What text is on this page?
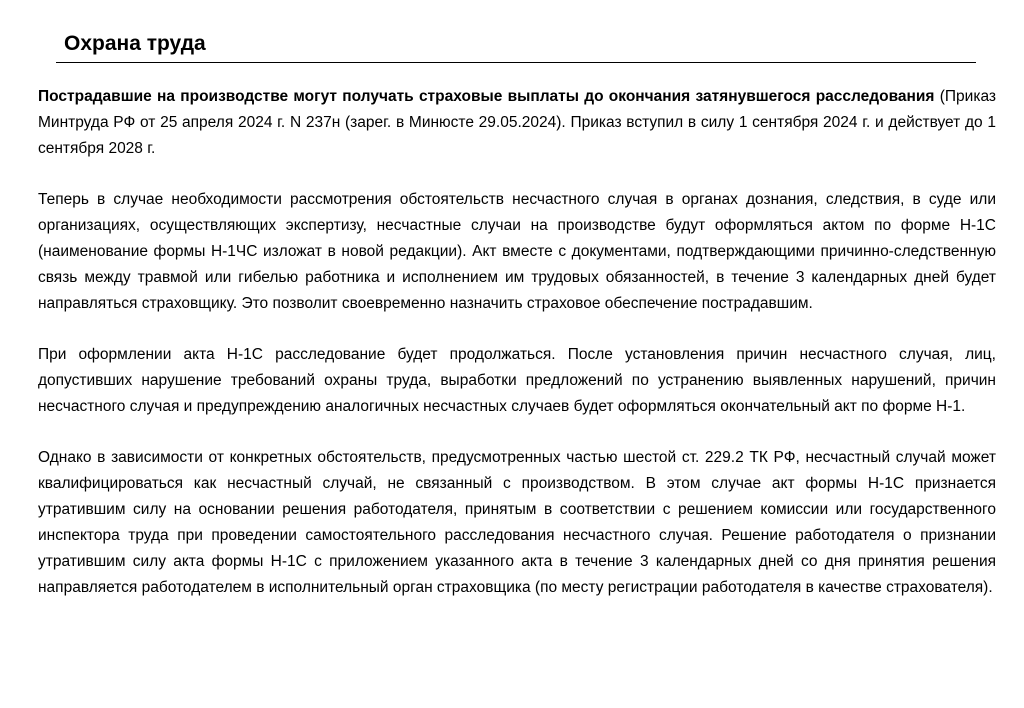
Охрана труда

Пострадавшие на производстве могут получать страховые выплаты до окончания затянувшегося расследования (Приказ Минтруда РФ от 25 апреля 2024 г. N 237н (зарег. в Минюсте 29.05.2024). Приказ вступил в силу 1 сентября 2024 г. и действует до 1 сентября 2028 г.

Теперь в случае необходимости рассмотрения обстоятельств несчастного случая в органах дознания, следствия, в суде или организациях, осуществляющих экспертизу, несчастные случаи на производстве будут оформляться актом по форме Н-1С (наименование формы Н-1ЧС изложат в новой редакции). Акт вместе с документами, подтверждающими причинно-следственную связь между травмой или гибелью работника и исполнением им трудовых обязанностей, в течение 3 календарных дней будет направляться страховщику. Это позволит своевременно назначить страховое обеспечение пострадавшим.

При оформлении акта Н-1С расследование будет продолжаться. После установления причин несчастного случая, лиц, допустивших нарушение требований охраны труда, выработки предложений по устранению выявленных нарушений, причин несчастного случая и предупреждению аналогичных несчастных случаев будет оформляться окончательный акт по форме Н-1.

Однако в зависимости от конкретных обстоятельств, предусмотренных частью шестой ст. 229.2 ТК РФ, несчастный случай может квалифицироваться как несчастный случай, не связанный с производством. В этом случае акт формы Н-1С признается утратившим силу на основании решения работодателя, принятым в соответствии с решением комиссии или государственного инспектора труда при проведении самостоятельного расследования несчастного случая. Решение работодателя о признании утратившим силу акта формы Н-1С с приложением указанного акта в течение 3 календарных дней со дня принятия решения направляется работодателем в исполнительный орган страховщика (по месту регистрации работодателя в качестве страхователя).
